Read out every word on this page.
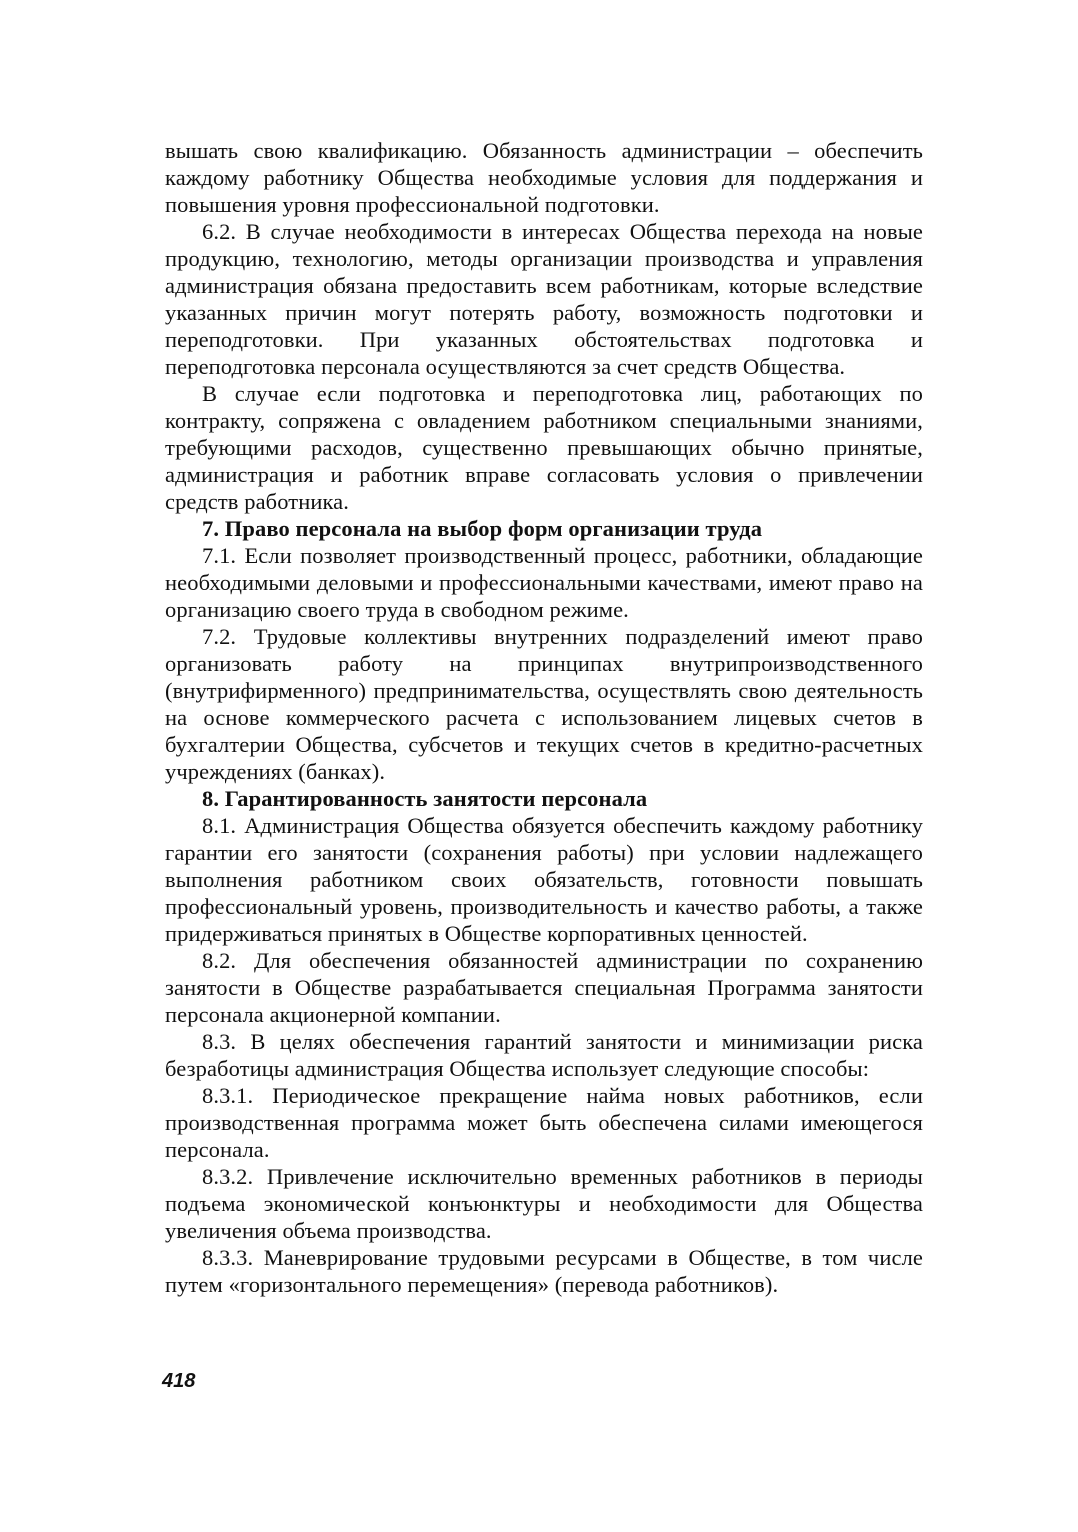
вышать свою квалификацию. Обязанность администрации – обеспечить каждому работнику Общества необходимые условия для поддержания и повышения уровня профессиональной подготовки.

6.2. В случае необходимости в интересах Общества перехода на новые продукцию, технологию, методы организации производства и управления администрация обязана предоставить всем работникам, которые вследствие указанных причин могут потерять работу, возможность подготовки и переподготовки. При указанных обстоятельствах подготовка и переподготовка персонала осуществляются за счет средств Общества.

В случае если подготовка и переподготовка лиц, работающих по контракту, сопряжена с овладением работником специальными знаниями, требующими расходов, существенно превышающих обычно принятые, администрация и работник вправе согласовать условия о привлечении средств работника.

7. Право персонала на выбор форм организации труда

7.1. Если позволяет производственный процесс, работники, обладающие необходимыми деловыми и профессиональными качествами, имеют право на организацию своего труда в свободном режиме.

7.2. Трудовые коллективы внутренних подразделений имеют право организовать работу на принципах внутрипроизводственного (внутрифирменного) предпринимательства, осуществлять свою деятельность на основе коммерческого расчета с использованием лицевых счетов в бухгалтерии Общества, субсчетов и текущих счетов в кредитно-расчетных учреждениях (банках).

8. Гарантированность занятости персонала

8.1. Администрация Общества обязуется обеспечить каждому работнику гарантии его занятости (сохранения работы) при условии надлежащего выполнения работником своих обязательств, готовности повышать профессиональный уровень, производительность и качество работы, а также придерживаться принятых в Обществе корпоративных ценностей.

8.2. Для обеспечения обязанностей администрации по сохранению занятости в Обществе разрабатывается специальная Программа занятости персонала акционерной компании.

8.3. В целях обеспечения гарантий занятости и минимизации риска безработицы администрация Общества использует следующие способы:

8.3.1. Периодическое прекращение найма новых работников, если производственная программа может быть обеспечена силами имеющегося персонала.

8.3.2. Привлечение исключительно временных работников в периоды подъема экономической конъюнктуры и необходимости для Общества увеличения объема производства.

8.3.3. Маневрирование трудовыми ресурсами в Обществе, в том числе путем «горизонтального перемещения» (перевода работников).

418
